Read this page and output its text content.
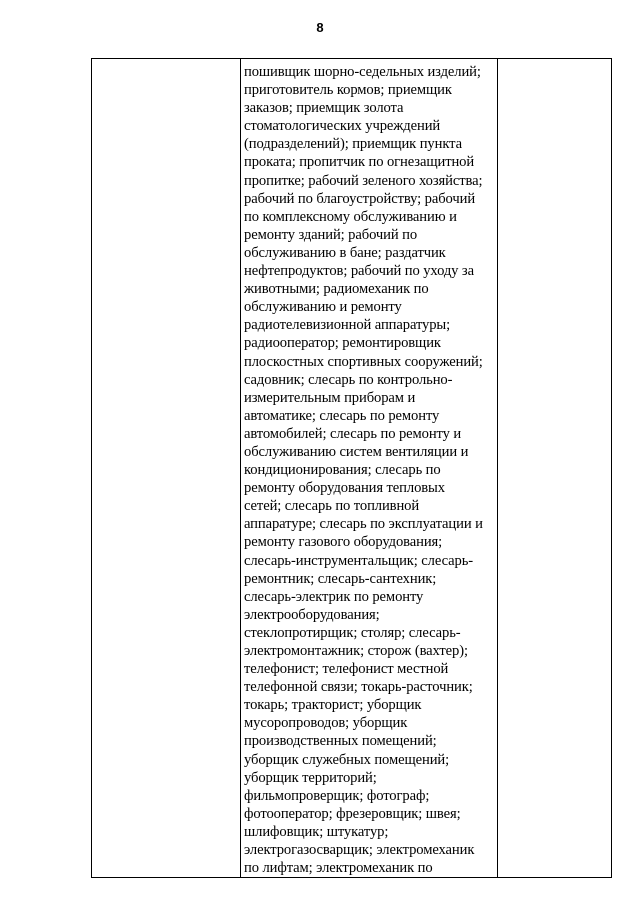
8

пошивщик шорно-седельных изделий;
приготовитель кормов; приемщик
заказов; приемщик золота
стоматологических учреждений
(подразделений); приемщик пункта
проката; пропитчик по огнезащитной
пропитке; рабочий зеленого хозяйства;
рабочий по благоустройству; рабочий
по комплексному обслуживанию и
ремонту зданий; рабочий по
обслуживанию в бане; раздатчик
нефтепродуктов; рабочий по уходу за
животными; радиомеханик по
обслуживанию и ремонту
радиотелевизионной аппаратуры;
радиооператор; ремонтировщик
плоскостных спортивных сооружений;
садовник; слесарь по контрольно-
измерительным приборам и
автоматике; слесарь по ремонту
автомобилей; слесарь по ремонту и
обслуживанию систем вентиляции и
кондиционирования; слесарь по
ремонту оборудования тепловых
сетей; слесарь по топливной
аппаратуре; слесарь по эксплуатации и
ремонту газового оборудования;
слесарь-инструментальщик; слесарь-
ремонтник; слесарь-сантехник;
слесарь-электрик по ремонту
электрооборудования;
стеклопротирщик; столяр; слесарь-
электромонтажник; сторож (вахтер);
телефонист; телефонист местной
телефонной связи; токарь-расточник;
токарь; тракторист; уборщик
мусоропроводов; уборщик
производственных помещений;
уборщик служебных помещений;
уборщик территорий;
фильмопроверщик; фотограф;
фотооператор; фрезеровщик; швея;
шлифовщик; штукатур;
электрогазосварщик; электромеханик
по лифтам; электромеханик по
